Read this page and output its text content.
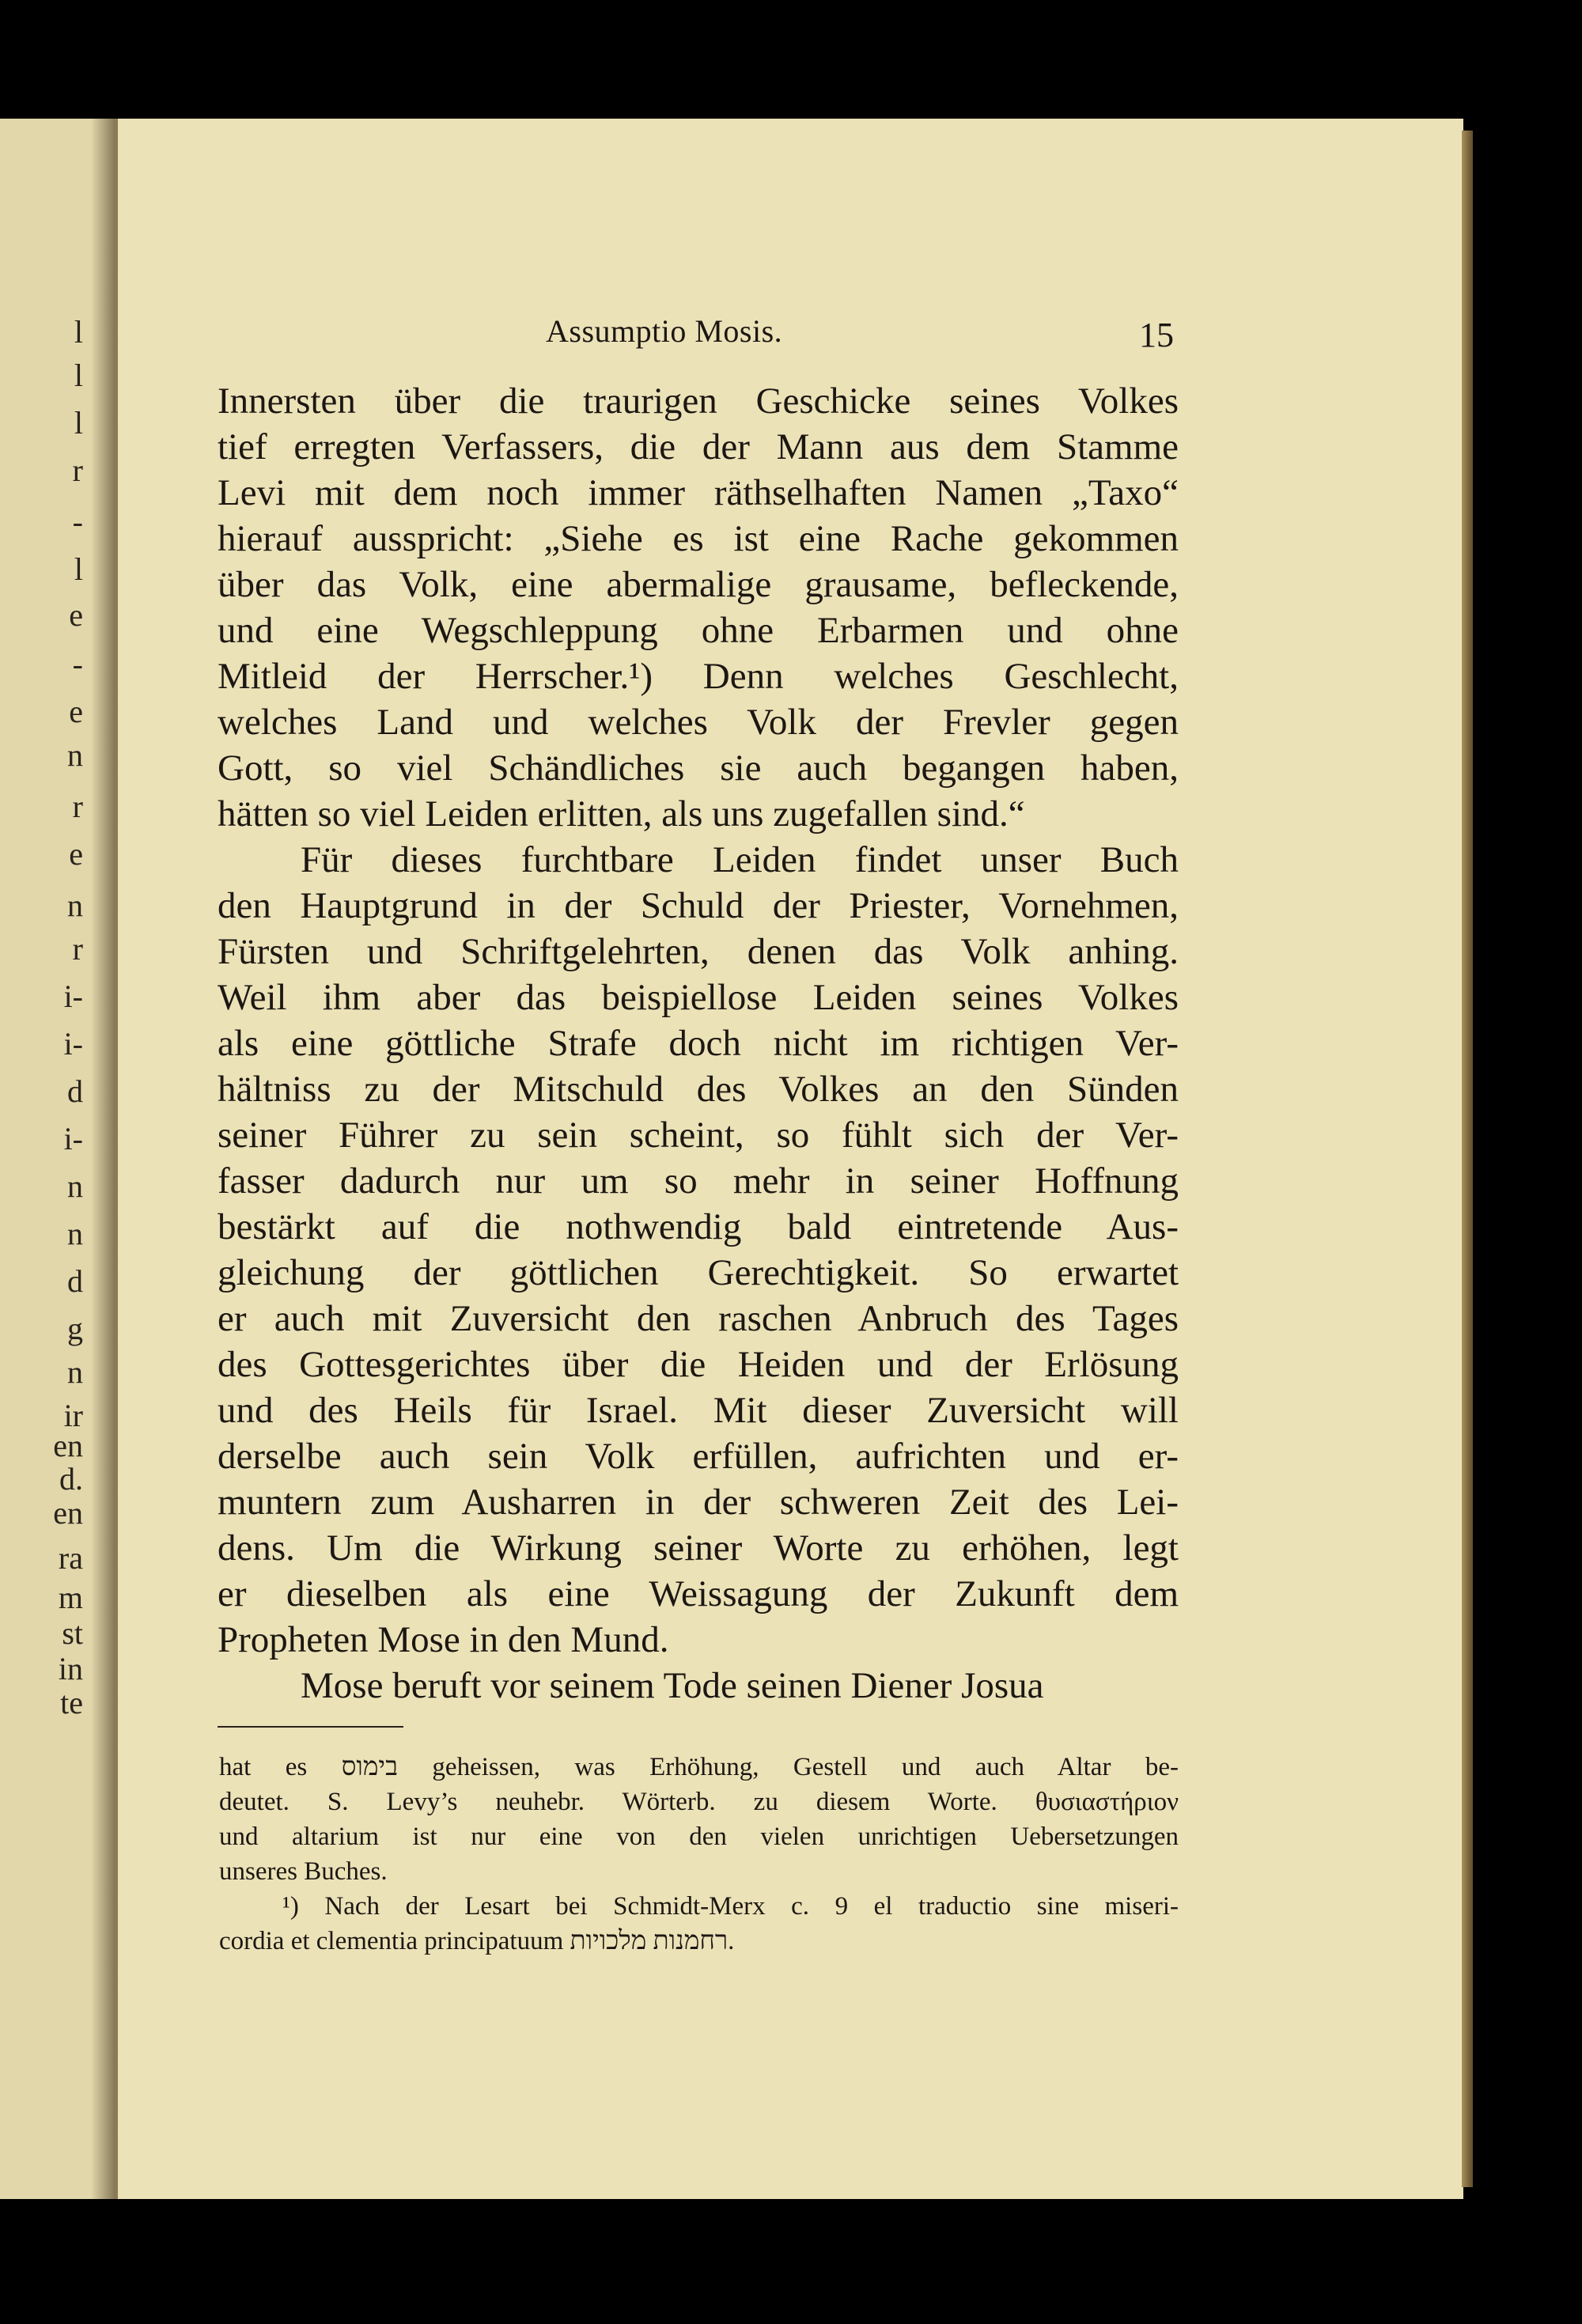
l
l
l
r
-
l
e
-
e
n
r
e
n
r
i-
i-
d
i-
n
n
d
g
n
ir
en
d.
en
ra
m
st
in
te
Assumptio Mosis.	15
Innersten über die traurigen Geschicke seines Volkes
tief erregten Verfassers, die der Mann aus dem Stamme
Levi mit dem noch immer räthselhaften Namen „Taxo“
hierauf ausspricht: „Siehe es ist eine Rache gekommen
über das Volk, eine abermalige grausame, befleckende,
und eine Wegschleppung ohne Erbarmen und ohne
Mitleid der Herrscher.¹) Denn welches Geschlecht,
welches Land und welches Volk der Frevler gegen
Gott, so viel Schändliches sie auch begangen haben,
hätten so viel Leiden erlitten, als uns zugefallen sind.“
Für dieses furchtbare Leiden findet unser Buch
den Hauptgrund in der Schuld der Priester, Vornehmen,
Fürsten und Schriftgelehrten, denen das Volk anhing.
Weil ihm aber das beispiellose Leiden seines Volkes
als eine göttliche Strafe doch nicht im richtigen Ver-
hältniss zu der Mitschuld des Volkes an den Sünden
seiner Führer zu sein scheint, so fühlt sich der Ver-
fasser dadurch nur um so mehr in seiner Hoffnung
bestärkt auf die nothwendig bald eintretende Aus-
gleichung der göttlichen Gerechtigkeit. So erwartet
er auch mit Zuversicht den raschen Anbruch des Tages
des Gottesgerichtes über die Heiden und der Erlösung
und des Heils für Israel. Mit dieser Zuversicht will
derselbe auch sein Volk erfüllen, aufrichten und er-
muntern zum Ausharren in der schweren Zeit des Lei-
dens. Um die Wirkung seiner Worte zu erhöhen, legt
er dieselben als eine Weissagung der Zukunft dem
Propheten Mose in den Mund.
Mose beruft vor seinem Tode seinen Diener Josua
hat es בימוס geheissen, was Erhöhung, Gestell und auch Altar be-
deutet. S. Levy’s neuhebr. Wörterb. zu diesem Worte. θυσιαστήριον
und altarium ist nur eine von den vielen unrichtigen Uebersetzungen
unseres Buches.
¹) Nach der Lesart bei Schmidt-Merx c. 9 el traductio sine miseri-
cordia et clementia principatuum רחמנות מלכויות.
